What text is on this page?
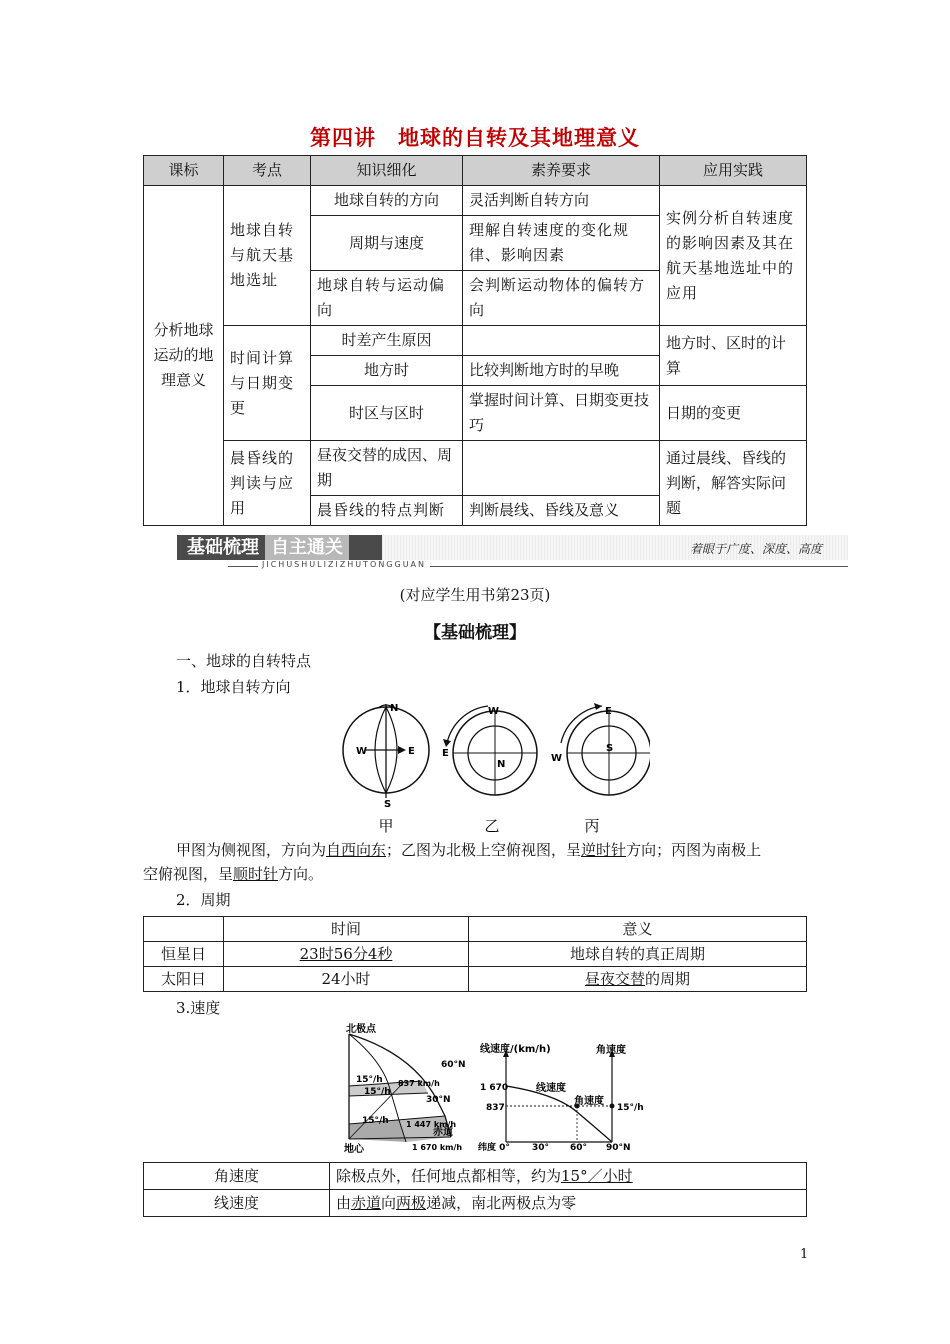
第四讲　地球的自转及其地理意义
课标	考点	知识细化	素养要求	应用实践
分析地球运动的地理意义	地球自转与航天基地选址	地球自转的方向	灵活判断自转方向	实例分析自转速度的影响因素及其在航天基地选址中的应用
		周期与速度	理解自转速度的变化规律、影响因素	
		地球自转与运动偏向	会判断运动物体的偏转方向	
	时间计算与日期变更	时差产生原因		地方时、区时的计算
		地方时	比较判断地方时的早晚	
		时区与区时	掌握时间计算、日期变更技巧	日期的变更
	晨昏线的判读与应用	昼夜交替的成因、周期		通过晨线、昏线的判断，解答实际问题
		晨昏线的特点判断	判断晨线、昏线及意义	
基础梳理 自主通关
JICHUSHULIZIZHUTONGGUAN
着眼于广度、深度、高度
(对应学生用书第23页)
【基础梳理】
一、地球的自转特点
1．地球自转方向
N
S
W	E
W
E
N
E
W
S
甲	乙	丙
甲图为侧视图，方向为自西向东；乙图为北极上空俯视图，呈逆时针方向；丙图为南极上
空俯视图，呈顺时针方向。
2．周期
	时间	意义
恒星日	23时56分4秒	地球自转的真正周期
太阳日	24小时	昼夜交替的周期
3.速度
北极点
60°N
15°/h
15°/h
837 km/h
30°N
15°/h 1 447 km/h
赤道
地心	1 670 km/h
线速度/(km/h)	角速度
1 670
837
纬度 0° 30° 60° 90°N
线速度
角速度
15°/h
角速度	除极点外，任何地点都相等，约为15°／小时
线速度	由赤道向两极递减，南北两极点为零
1
